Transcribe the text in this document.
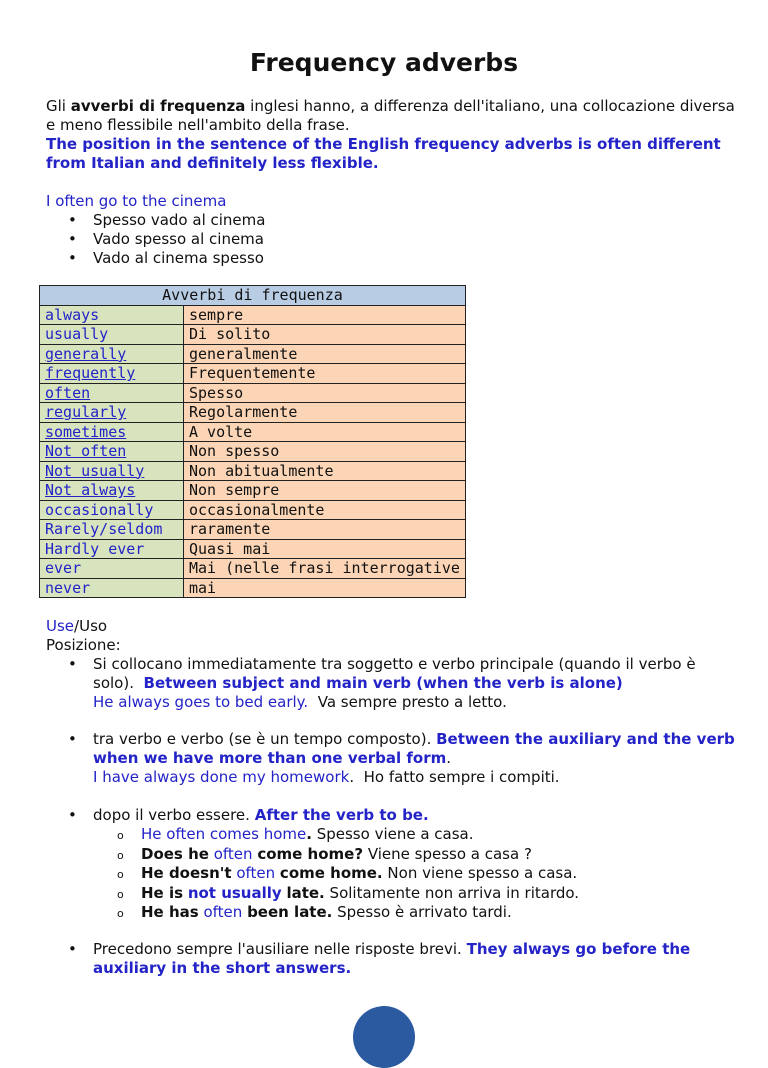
Frequency adverbs
Gli avverbi di frequenza inglesi hanno, a differenza dell'italiano, una collocazione diversa e meno flessibile nell'ambito della frase.
The position in the sentence of the English frequency adverbs is often different from Italian and definitely less flexible.
I often go to the cinema
• Spesso vado al cinema
• Vado spesso al cinema
• Vado al cinema spesso
Avverbi di frequenza	
always	sempre
usually	Di solito
generally	generalmente
frequently	Frequentemente
often	Spesso
regularly	Regolarmente
sometimes	A volte
Not often	Non spesso
Not usually	Non abitualmente
Not always	Non sempre
occasionally	occasionalmente
Rarely/seldom	raramente
Hardly ever	Quasi mai
ever	Mai (nelle frasi interrogative
never	mai
Use/Uso
Posizione:
• Si collocano immediatamente tra soggetto e verbo principale (quando il verbo è solo). Between subject and main verb (when the verb is alone)
He always goes to bed early. Va sempre presto a letto.
• tra verbo e verbo (se è un tempo composto). Between the auxiliary and the verb when we have more than one verbal form.
I have always done my homework. Ho fatto sempre i compiti.
• dopo il verbo essere. After the verb to be.
o He often comes home. Spesso viene a casa.
o Does he often come home? Viene spesso a casa ?
o He doesn't often come home. Non viene spesso a casa.
o He is not usually late. Solitamente non arriva in ritardo.
o He has often been late. Spesso è arrivato tardi.
• Precedono sempre l'ausiliare nelle risposte brevi. They always go before the auxiliary in the short answers.
